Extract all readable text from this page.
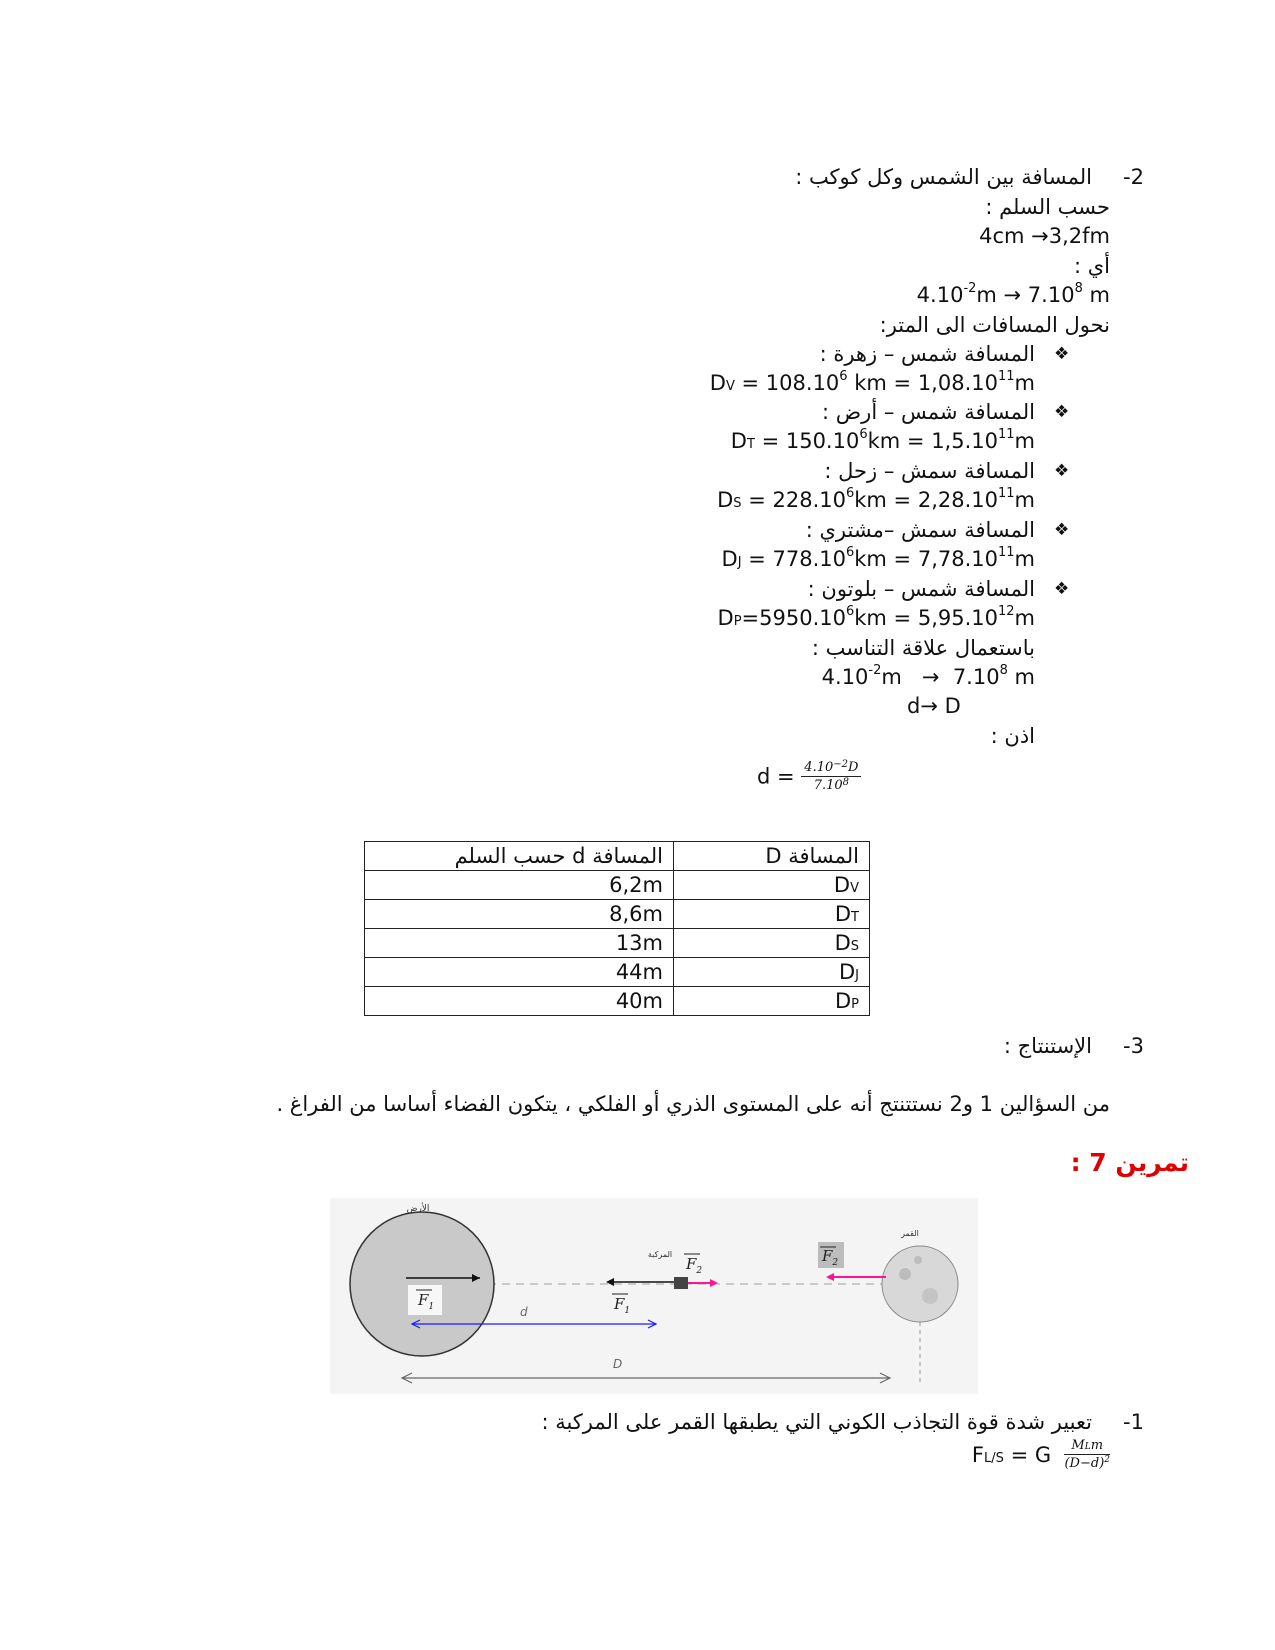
-2
المسافة بين الشمس وكل كوكب :
حسب السلم :
4cm →3,2fm
أي :
$4.10^{-2}m \to 7.10^8$ m
نحول المسافات الى المتر:
❖
المسافة شمس – زهرة :
DV = $108.10^6$ km = $1,08.10^{11}m$
❖
المسافة شمس – أرض :
DT = $150.10^6km = 1,5.10^{11}m$
❖
المسافة سمش – زحل :
DS = $228.10^6km = 2,28.10^{11}m$
❖
المسافة سمش –مشتري :
DJ = $778.10^6km = 7,78.10^{11}m$
❖
المسافة شمس – بلوتون :
$DP=5950.10^6km = 5,95.10^{12}m$
باستعمال علاقة التناسب :
$4.10^{-2}m \to 7.10^8$ m
d→ D
اذن :
$d = \frac{4.10^{-2}D}{7.10^8}$
المسافة D	المسافة d حسب السلم
DV	6,2m
DT	8,6m
DS	13m
DJ	44m
DP	40m
-3
الإستنتاج :
من السؤالين 1 و2 نستتنتج أنه على المستوى الذري أو الفلكي ، يتكون الفضاء أساسا من الفراغ .
تمرين 7 :
الأرض
القمر
المركبة
$F_1$	$F_1$
$F_2$
$F_2$
d
D
-1
تعبير شدة قوة التجاذب الكوني التي يطبقها القمر على المركبة :
FL/S = G $\frac{\text{MLm}}{(D-d)^2}$
